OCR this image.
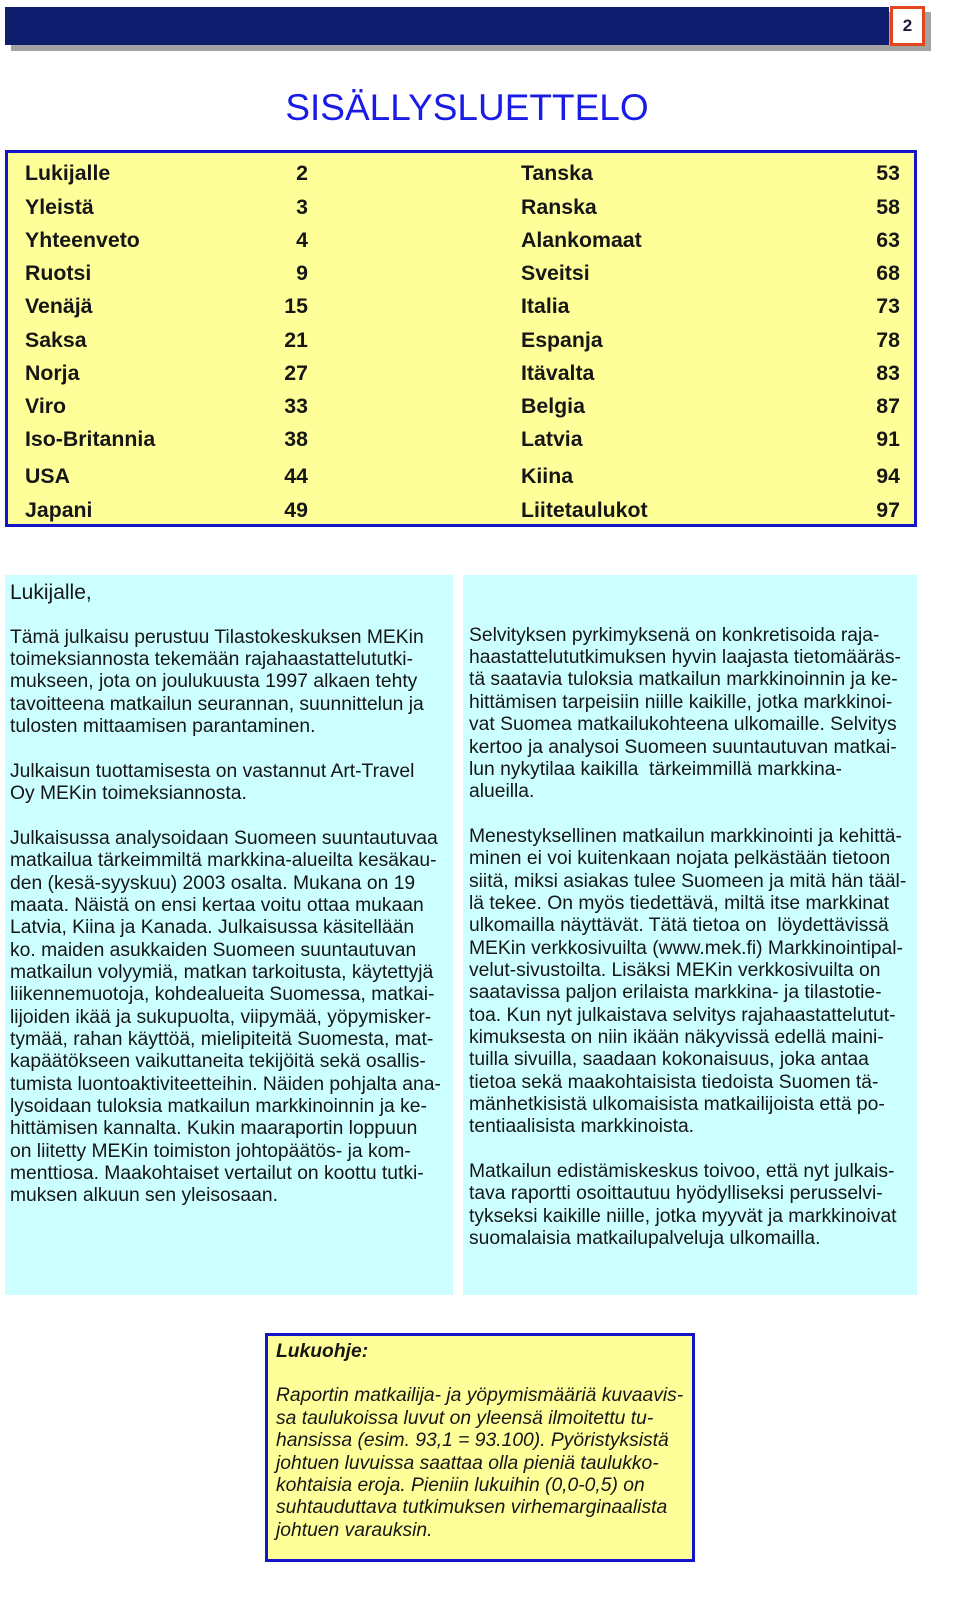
SISÄLLYSLUETTTELO - LUKIJALLE /  kesä 2003

2
SISÄLLYSLUETTELO
Lukijalle	2	Tanska	53
Yleistä	3	Ranska	58
Yhteenveto	4	Alankomaat	63
Ruotsi	9	Sveitsi	68
Venäjä	15	Italia	73
Saksa	21	Espanja	78
Norja	27	Itävalta	83
Viro	33	Belgia	87
Iso-Britannia	38	Latvia	91
USA	44	Kiina	94
Japani	49	Liitetaulukot	97
Lukijalle,
Tämä julkaisu perustuu Tilastokeskuksen MEKin
toimeksiannosta tekemään rajahaastattelututki-
mukseen, jota on joulukuusta 1997 alkaen tehty
tavoitteena matkailun seurannan, suunnittelun ja
tulosten mittaamisen parantaminen.
Julkaisun tuottamisesta on vastannut Art-Travel
Oy MEKin toimeksiannosta.
Julkaisussa analysoidaan Suomeen suuntautuvaa
matkailua tärkeimmiltä markkina-alueilta kesäkau-
den (kesä-syyskuu) 2003 osalta. Mukana on 19
maata. Näistä on ensi kertaa voitu ottaa mukaan
Latvia, Kiina ja Kanada. Julkaisussa käsitellään
ko. maiden asukkaiden Suomeen suuntautuvan
matkailun volyymiä, matkan tarkoitusta, käytettyjä
liikennemuotoja, kohdealueita Suomessa, matkai-
lijoiden ikää ja sukupuolta, viipymää, yöpymisker-
tymää, rahan käyttöä, mielipiteitä Suomesta, mat-
kapäätökseen vaikuttaneita tekijöitä sekä osallis-
tumista luontoaktiviteetteihin. Näiden pohjalta ana-
lysoidaan tuloksia matkailun markkinoinnin ja ke-
hittämisen kannalta. Kukin maaraportin loppuun
on liitetty MEKin toimiston johtopäätös- ja kom-
menttiosa. Maakohtaiset vertailut on koottu tutki-
muksen alkuun sen yleisosaan.
Selvityksen pyrkimyksenä on konkretisoida raja-
haastattelututkimuksen hyvin laajasta tietomääräs-
tä saatavia tuloksia matkailun markkinoinnin ja ke-
hittämisen tarpeisiin niille kaikille, jotka markkinoi-
vat Suomea matkailukohteena ulkomaille. Selvitys
kertoo ja analysoi Suomeen suuntautuvan matkai-
lun nykytilaa kaikilla  tärkeimmillä markkina-
alueilla.
Menestyksellinen matkailun markkinointi ja kehittä-
minen ei voi kuitenkaan nojata pelkästään tietoon
siitä, miksi asiakas tulee Suomeen ja mitä hän tääl-
lä tekee. On myös tiedettävä, miltä itse markkinat
ulkomailla näyttävät. Tätä tietoa on  löydettävissä
MEKin verkkosivuilta (www.mek.fi) Markkinointipal-
velut-sivustoilta. Lisäksi MEKin verkkosivuilta on
saatavissa paljon erilaista markkina- ja tilastotie-
toa. Kun nyt julkaistava selvitys rajahaastattelutut-
kimuksesta on niin ikään näkyvissä edellä maini-
tuilla sivuilla, saadaan kokonaisuus, joka antaa
tietoa sekä maakohtaisista tiedoista Suomen tä-
mänhetkisistä ulkomaisista matkailijoista että po-
tentiaalisista markkinoista.
Matkailun edistämiskeskus toivoo, että nyt julkais-
tava raportti osoittautuu hyödylliseksi perusselvi-
tykseksi kaikille niille, jotka myyvät ja markkinoivat
suomalaisia matkailupalveluja ulkomailla.
Lukuohje:
Raportin matkailija- ja yöpymismääriä kuvaavis-
sa taulukoissa luvut on yleensä ilmoitettu tu-
hansissa (esim. 93,1 = 93.100). Pyöristyksistä
johtuen luvuissa saattaa olla pieniä taulukko-
kohtaisia eroja. Pieniin lukuihin (0,0-0,5) on
suhtauduttava tutkimuksen virhemarginaalista
johtuen varauksin.
